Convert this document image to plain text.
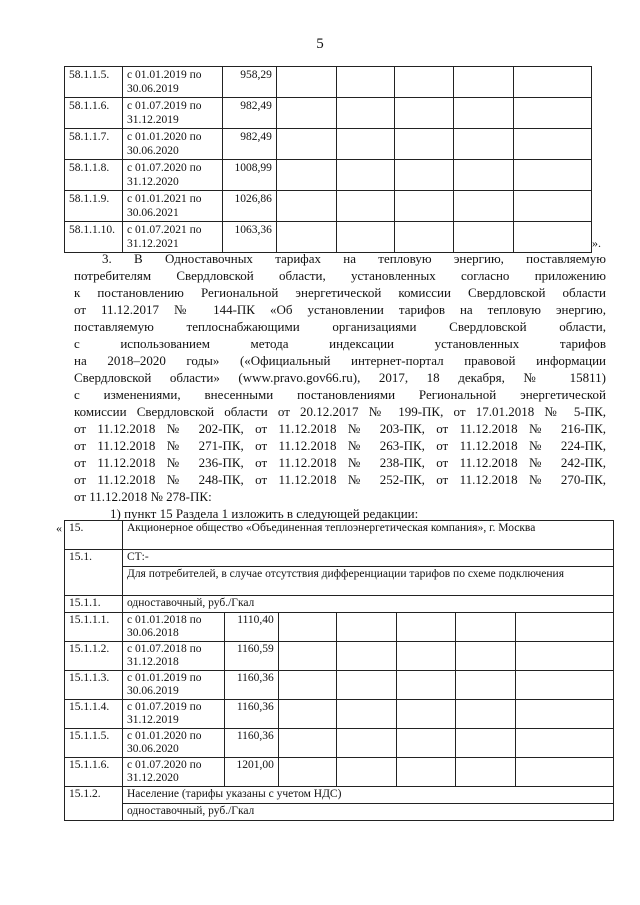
5
58.1.1.5.	с 01.01.2019 по 30.06.2019	958,29					
58.1.1.6.	с 01.07.2019 по 31.12.2019	982,49					
58.1.1.7.	с 01.01.2020 по 30.06.2020	982,49					
58.1.1.8.	с 01.07.2020 по 31.12.2020	1008,99					
58.1.1.9.	с 01.01.2021 по 30.06.2021	1026,86					
58.1.1.10.	с 01.07.2021 по 31.12.2021	1063,36					
».
3. В Одноставочных тарифах на тепловую энергию, поставляемую
потребителям Свердловской области, установленных согласно приложению
к постановлению Региональной энергетической комиссии Свердловской области
от 11.12.2017 № 144-ПК «Об установлении тарифов на тепловую энергию,
поставляемую теплоснабжающими организациями Свердловской области,
с использованием метода индексации установленных тарифов
на 2018–2020 годы» («Официальный интернет-портал правовой информации
Свердловской области» (www.pravo.gov66.ru), 2017, 18 декабря, № 15811)
с изменениями, внесенными постановлениями Региональной энергетической
комиссии Свердловской области от 20.12.2017 № 199-ПК, от 17.01.2018 № 5-ПК,
от 11.12.2018 № 202-ПК, от 11.12.2018 № 203-ПК, от 11.12.2018 № 216-ПК,
от 11.12.2018 № 271-ПК, от 11.12.2018 № 263-ПК, от 11.12.2018 № 224-ПК,
от 11.12.2018 № 236-ПК, от 11.12.2018 № 238-ПК, от 11.12.2018 № 242-ПК,
от 11.12.2018 № 248-ПК, от 11.12.2018 № 252-ПК, от 11.12.2018 № 270-ПК,
от 11.12.2018 № 278-ПК:
1) пункт 15 Раздела 1 изложить в следующей редакции:
« 15.	Акционерное общество «Объединенная теплоэнергетическая компания», г. Москва						
15.1.	СТ:-						
	Для потребителей, в случае отсутствия дифференциации тарифов по схеме подключения						
15.1.1.	одноставочный, руб./Гкал						
15.1.1.1.	с 01.01.2018 по 30.06.2018	1110,40					
15.1.1.2.	с 01.07.2018 по 31.12.2018	1160,59					
15.1.1.3.	с 01.01.2019 по 30.06.2019	1160,36					
15.1.1.4.	с 01.07.2019 по 31.12.2019	1160,36					
15.1.1.5.	с 01.01.2020 по 30.06.2020	1160,36					
15.1.1.6.	с 01.07.2020 по 31.12.2020	1201,00					
15.1.2.	Население (тарифы указаны с учетом НДС)						
	одноставочный, руб./Гкал						
